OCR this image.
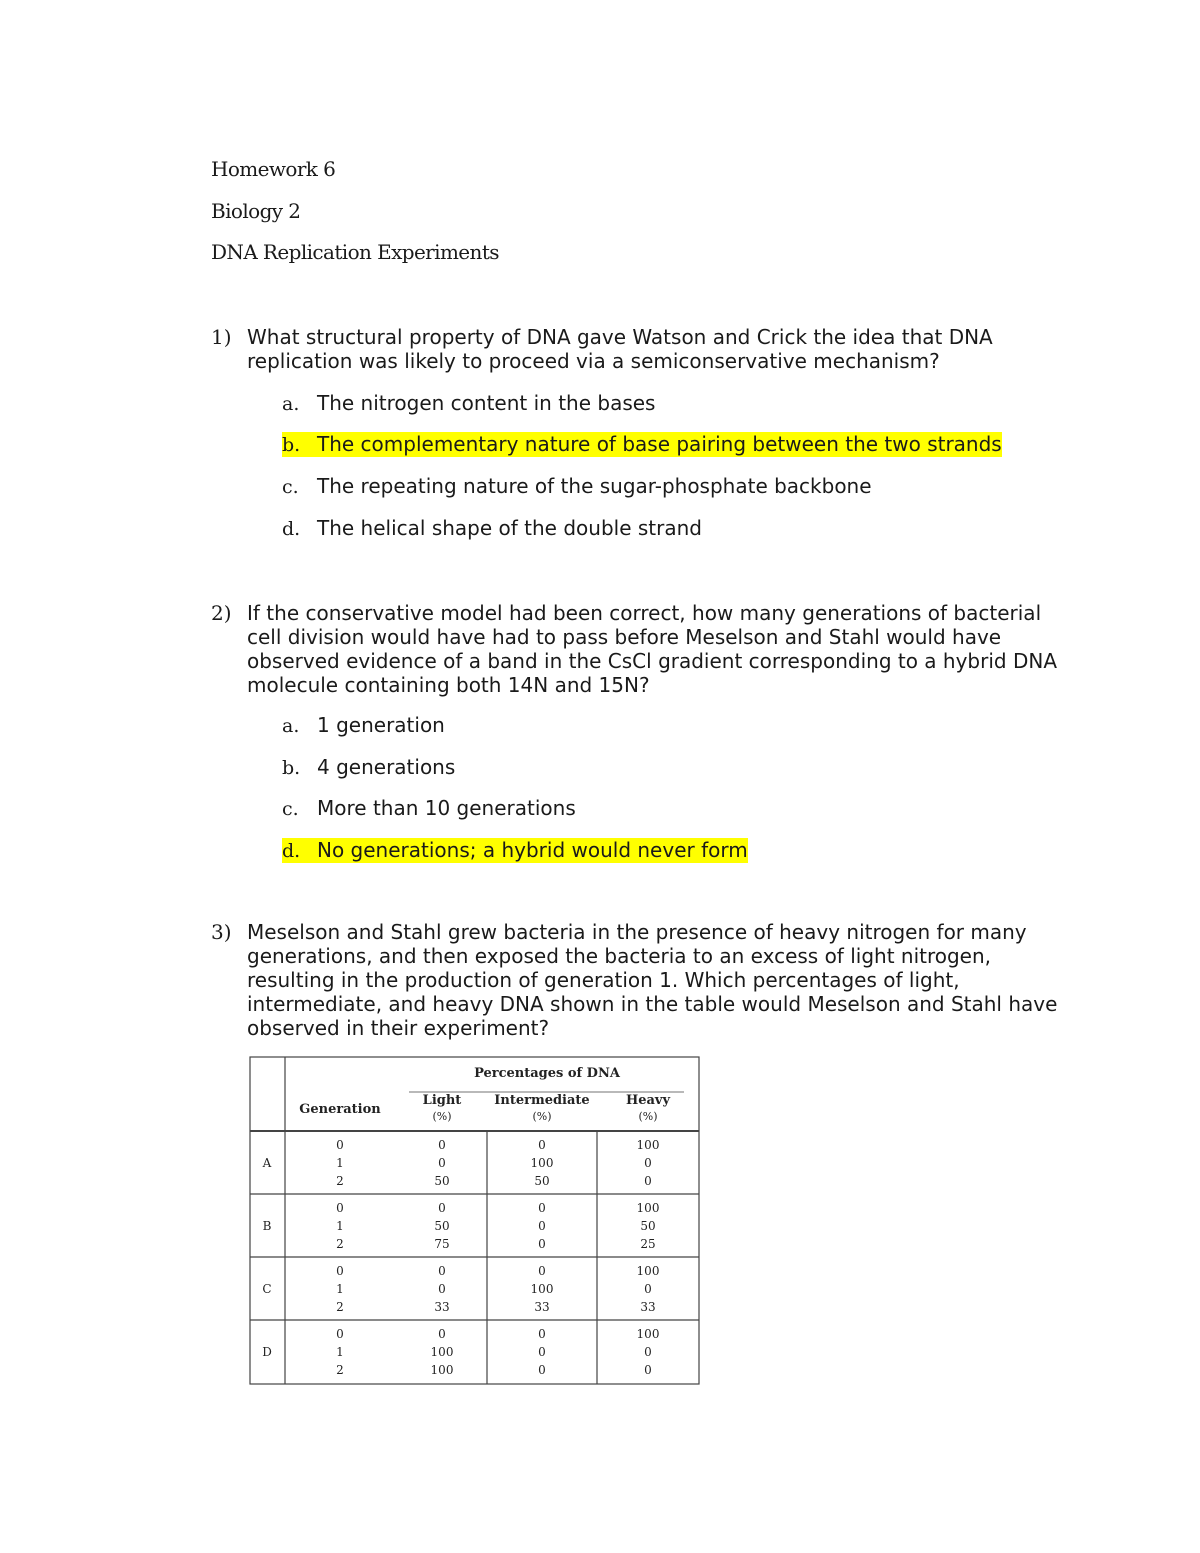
Homework 6
Biology 2
DNA Replication Experiments
1) What structural property of DNA gave Watson and Crick the idea that DNA replication was likely to proceed via a semiconservative mechanism?
a. The nitrogen content in the bases
b. The complementary nature of base pairing between the two strands
c. The repeating nature of the sugar-phosphate backbone
d. The helical shape of the double strand
2) If the conservative model had been correct, how many generations of bacterial cell division would have had to pass before Meselson and Stahl would have observed evidence of a band in the CsCl gradient corresponding to a hybrid DNA molecule containing both 14N and 15N?
a. 1 generation
b. 4 generations
c. More than 10 generations
d. No generations; a hybrid would never form
3) Meselson and Stahl grew bacteria in the presence of heavy nitrogen for many generations, and then exposed the bacteria to an excess of light nitrogen, resulting in the production of generation 1. Which percentages of light, intermediate, and heavy DNA shown in the table would Meselson and Stahl have observed in their experiment?
Percentages of DNA
Generation
Light
(%)
Intermediate
(%)
Heavy
(%)
A
0
1
2
0
0
50
0
100
50
100
0
0
B
0
1
2
0
50
75
0
0
0
100
50
25
C
0
1
2
0
0
33
0
100
33
100
0
33
D
0
1
2
0
100
100
0
0
0
100
0
0
